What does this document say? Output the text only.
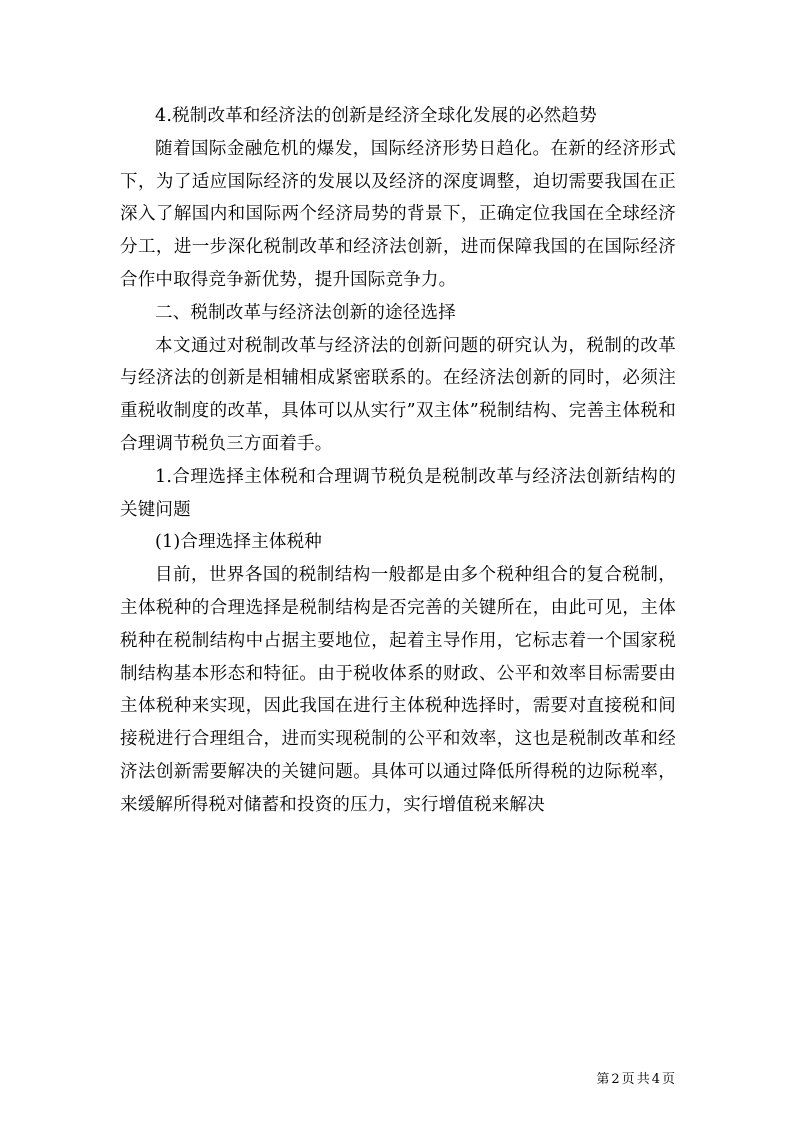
4.税制改革和经济法的创新是经济全球化发展的必然趋势

随着国际金融危机的爆发，国际经济形势日趋化。在新的经济形式下，为了适应国际经济的发展以及经济的深度调整，迫切需要我国在正深入了解国内和国际两个经济局势的背景下，正确定位我国在全球经济分工，进一步深化税制改革和经济法创新，进而保障我国的在国际经济合作中取得竞争新优势，提升国际竞争力。

二、税制改革与经济法创新的途径选择

本文通过对税制改革与经济法的创新问题的研究认为，税制的改革与经济法的创新是相辅相成紧密联系的。在经济法创新的同时，必须注重税收制度的改革，具体可以从实行”双主体”税制结构、完善主体税和合理调节税负三方面着手。

1.合理选择主体税和合理调节税负是税制改革与经济法创新结构的关键问题

(1)合理选择主体税种

目前，世界各国的税制结构一般都是由多个税种组合的复合税制，主体税种的合理选择是税制结构是否完善的关键所在，由此可见，主体税种在税制结构中占据主要地位，起着主导作用，它标志着一个国家税制结构基本形态和特征。由于税收体系的财政、公平和效率目标需要由主体税种来实现，因此我国在进行主体税种选择时，需要对直接税和间接税进行合理组合，进而实现税制的公平和效率，这也是税制改革和经济法创新需要解决的关键问题。具体可以通过降低所得税的边际税率，来缓解所得税对储蓄和投资的压力，实行增值税来解决

第 2 页 共 4 页
